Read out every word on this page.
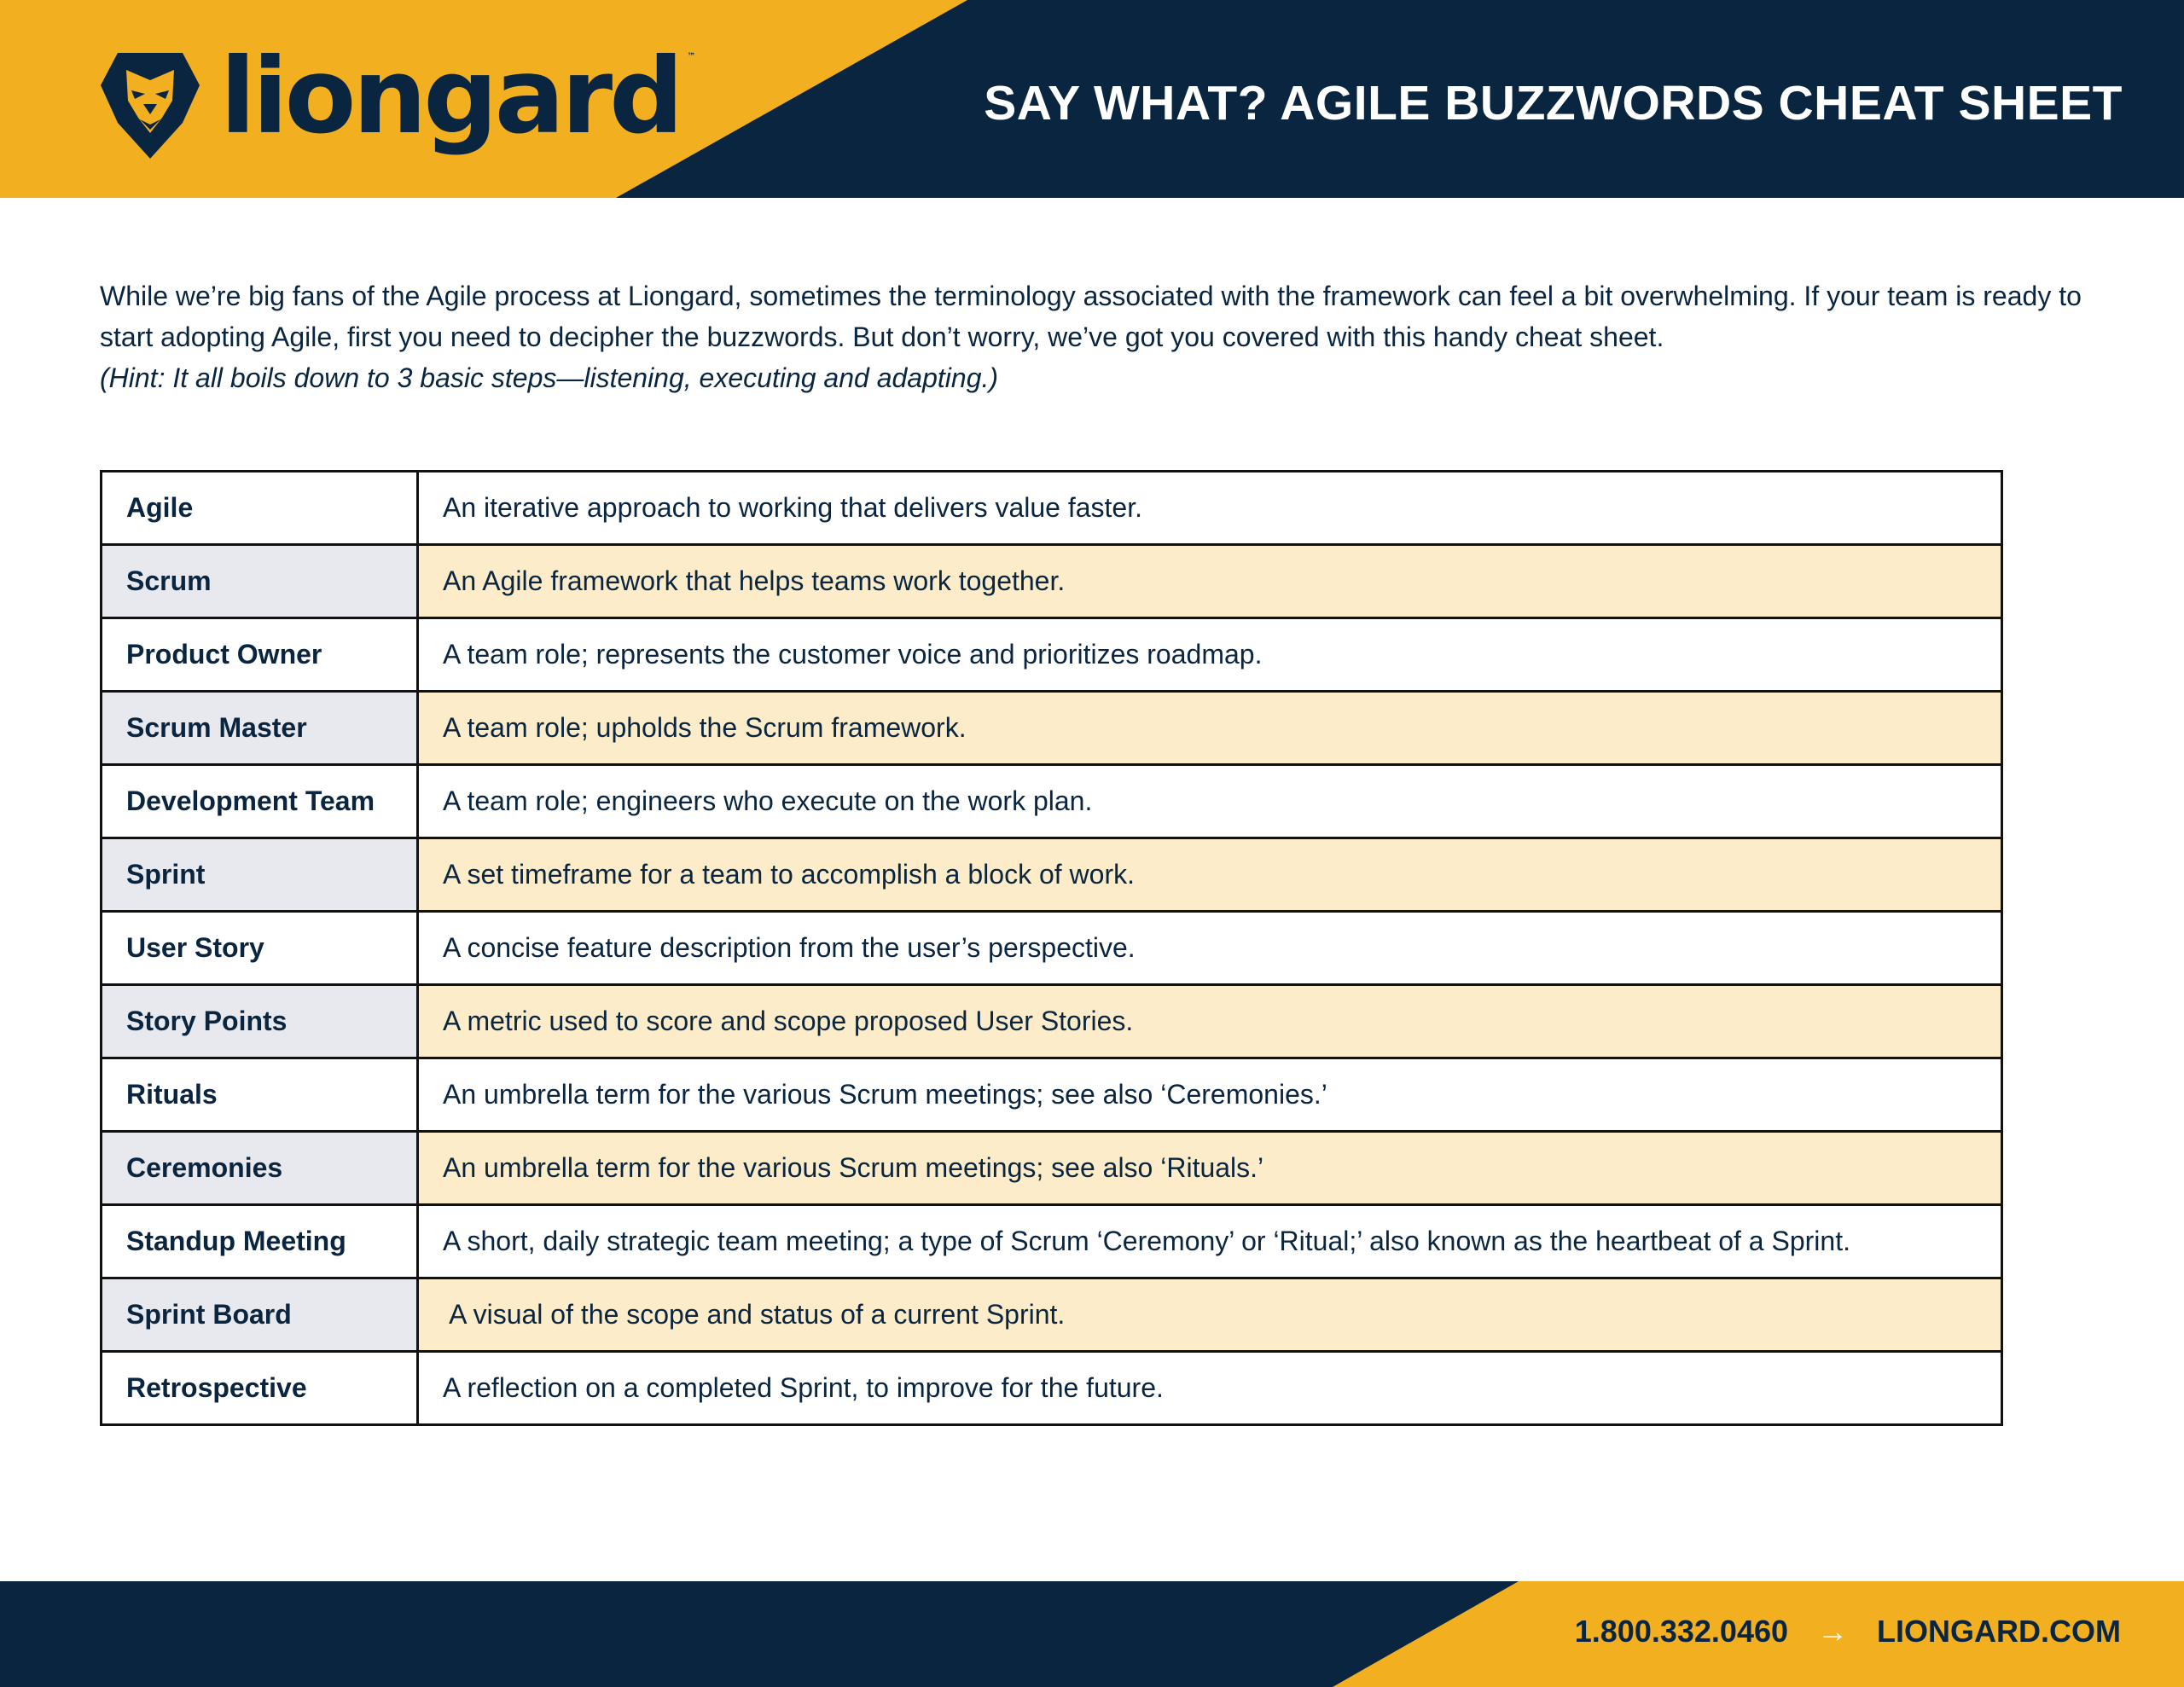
liongard ™
SAY WHAT? AGILE BUZZWORDS CHEAT SHEET
While we’re big fans of the Agile process at Liongard, sometimes the terminology associated with the framework can feel a bit overwhelming. If your team is ready to start adopting Agile, first you need to decipher the buzzwords. But don’t worry, we’ve got you covered with this handy cheat sheet.
(Hint: It all boils down to 3 basic steps—listening, executing and adapting.)
Agile	An iterative approach to working that delivers value faster.
Scrum	An Agile framework that helps teams work together.
Product Owner	A team role; represents the customer voice and prioritizes roadmap.
Scrum Master	A team role; upholds the Scrum framework.
Development Team	A team role; engineers who execute on the work plan.
Sprint	A set timeframe for a team to accomplish a block of work.
User Story	A concise feature description from the user’s perspective.
Story Points	A metric used to score and scope proposed User Stories.
Rituals	An umbrella term for the various Scrum meetings; see also ‘Ceremonies.’
Ceremonies	An umbrella term for the various Scrum meetings; see also ‘Rituals.’
Standup Meeting	A short, daily strategic team meeting; a type of Scrum ‘Ceremony’ or ‘Ritual;’ also known as the heartbeat of a Sprint.
Sprint Board	A visual of the scope and status of a current Sprint.
Retrospective	A reflection on a completed Sprint, to improve for the future.
1.800.332.0460 → LIONGARD.COM
